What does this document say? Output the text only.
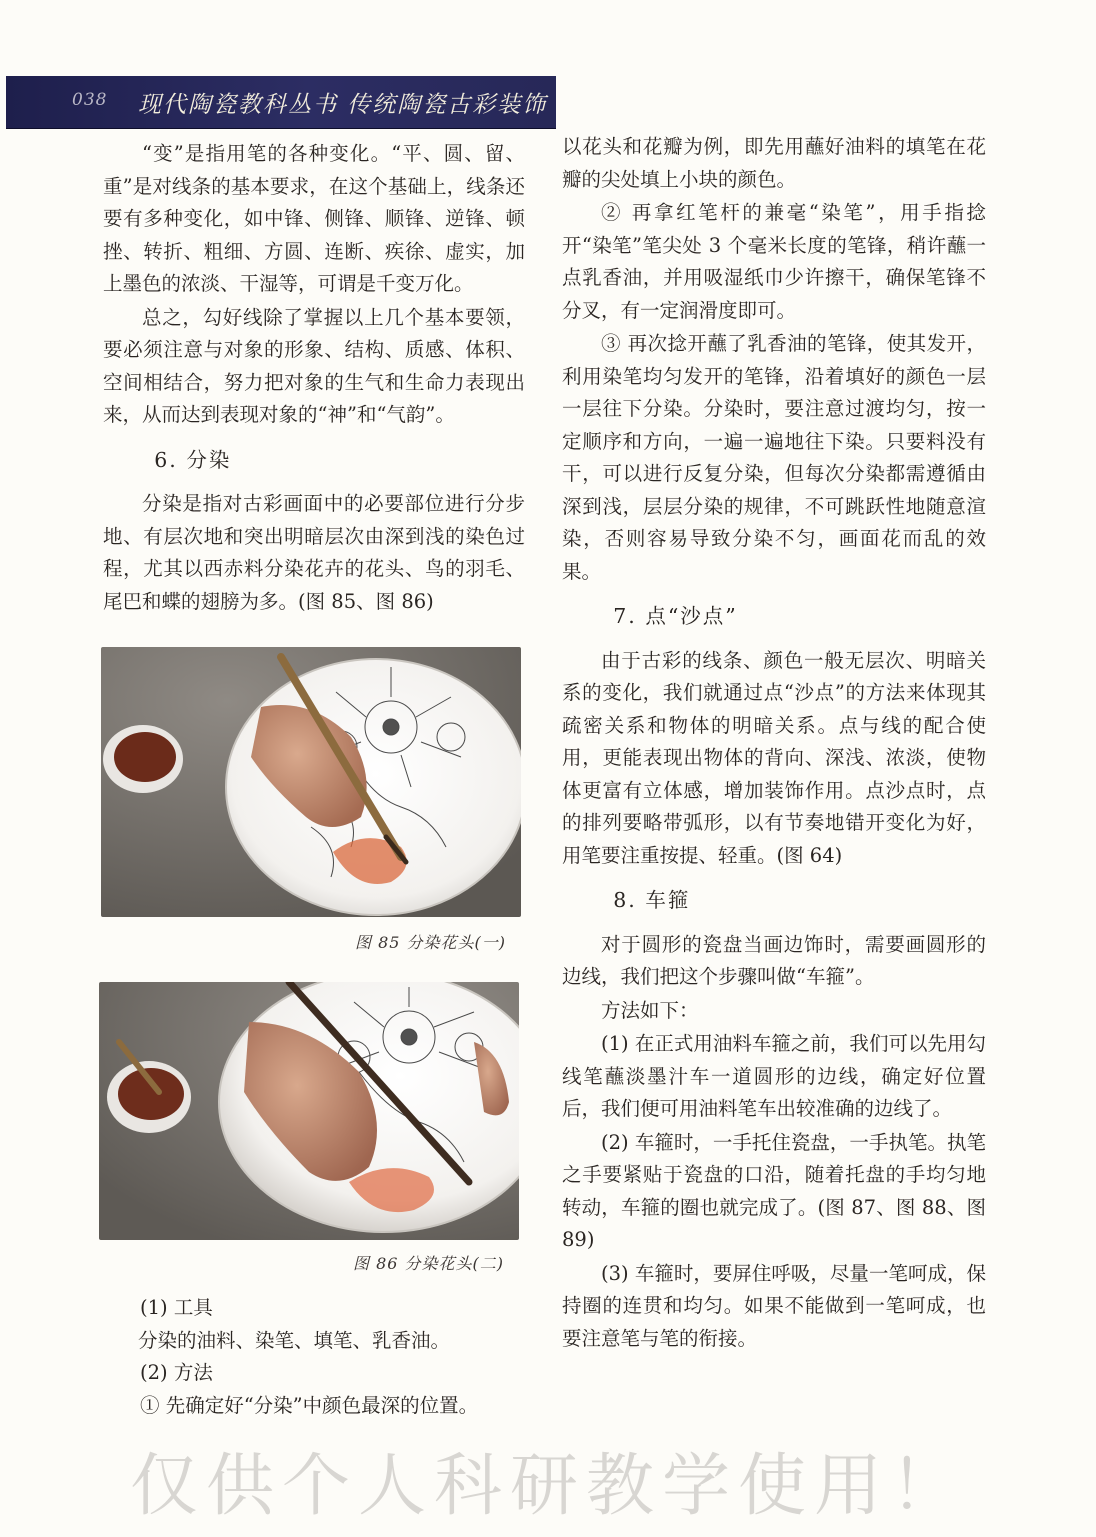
038 现代陶瓷教科丛书 传统陶瓷古彩装饰

“变”是指用笔的各种变化。“平、圆、留、重”是对线条的基本要求，在这个基础上，线条还要有多种变化，如中锋、侧锋、顺锋、逆锋、顿挫、转折、粗细、方圆、连断、疾徐、虚实，加上墨色的浓淡、干湿等，可谓是千变万化。

总之，勾好线除了掌握以上几个基本要领，要必须注意与对象的形象、结构、质感、体积、空间相结合，努力把对象的生气和生命力表现出来，从而达到表现对象的“神”和“气韵”。

6. 分染

分染是指对古彩画面中的必要部位进行分步地、有层次地和突出明暗层次由深到浅的染色过程，尤其以西赤料分染花卉的花头、鸟的羽毛、尾巴和蝶的翅膀为多。(图 85、图 86)

图 85 分染花头(一)
图 86 分染花头(二)
(1) 工具
分染的油料、染笔、填笔、乳香油。
(2) 方法
① 先确定好“分染”中颜色最深的位置。

以花头和花瓣为例，即先用蘸好油料的填笔在花瓣的尖处填上小块的颜色。

② 再拿红笔杆的兼毫“染笔”，用手指捻开“染笔”笔尖处 3 个毫米长度的笔锋，稍许蘸一点乳香油，并用吸湿纸巾少许擦干，确保笔锋不分叉，有一定润滑度即可。

③ 再次捻开蘸了乳香油的笔锋，使其发开，利用染笔均匀发开的笔锋，沿着填好的颜色一层一层往下分染。分染时，要注意过渡均匀，按一定顺序和方向，一遍一遍地往下染。只要料没有干，可以进行反复分染，但每次分染都需遵循由深到浅，层层分染的规律，不可跳跃性地随意渲染，否则容易导致分染不匀，画面花而乱的效果。

7. 点“沙点”

由于古彩的线条、颜色一般无层次、明暗关系的变化，我们就通过点“沙点”的方法来体现其疏密关系和物体的明暗关系。点与线的配合使用，更能表现出物体的背向、深浅、浓淡，使物体更富有立体感，增加装饰作用。点沙点时，点的排列要略带弧形，以有节奏地错开变化为好，用笔要注重按提、轻重。(图 64)

8. 车箍

对于圆形的瓷盘当画边饰时，需要画圆形的边线，我们把这个步骤叫做“车箍”。

方法如下：

(1) 在正式用油料车箍之前，我们可以先用勾线笔蘸淡墨汁车一道圆形的边线，确定好位置后，我们便可用油料笔车出较准确的边线了。

(2) 车箍时，一手托住瓷盘，一手执笔。执笔之手要紧贴于瓷盘的口沿，随着托盘的手均匀地转动，车箍的圈也就完成了。(图 87、图 88、图 89)

(3) 车箍时，要屏住呼吸，尽量一笔呵成，保持圈的连贯和均匀。如果不能做到一笔呵成，也要注意笔与笔的衔接。

仅供个人科研教学使用！
